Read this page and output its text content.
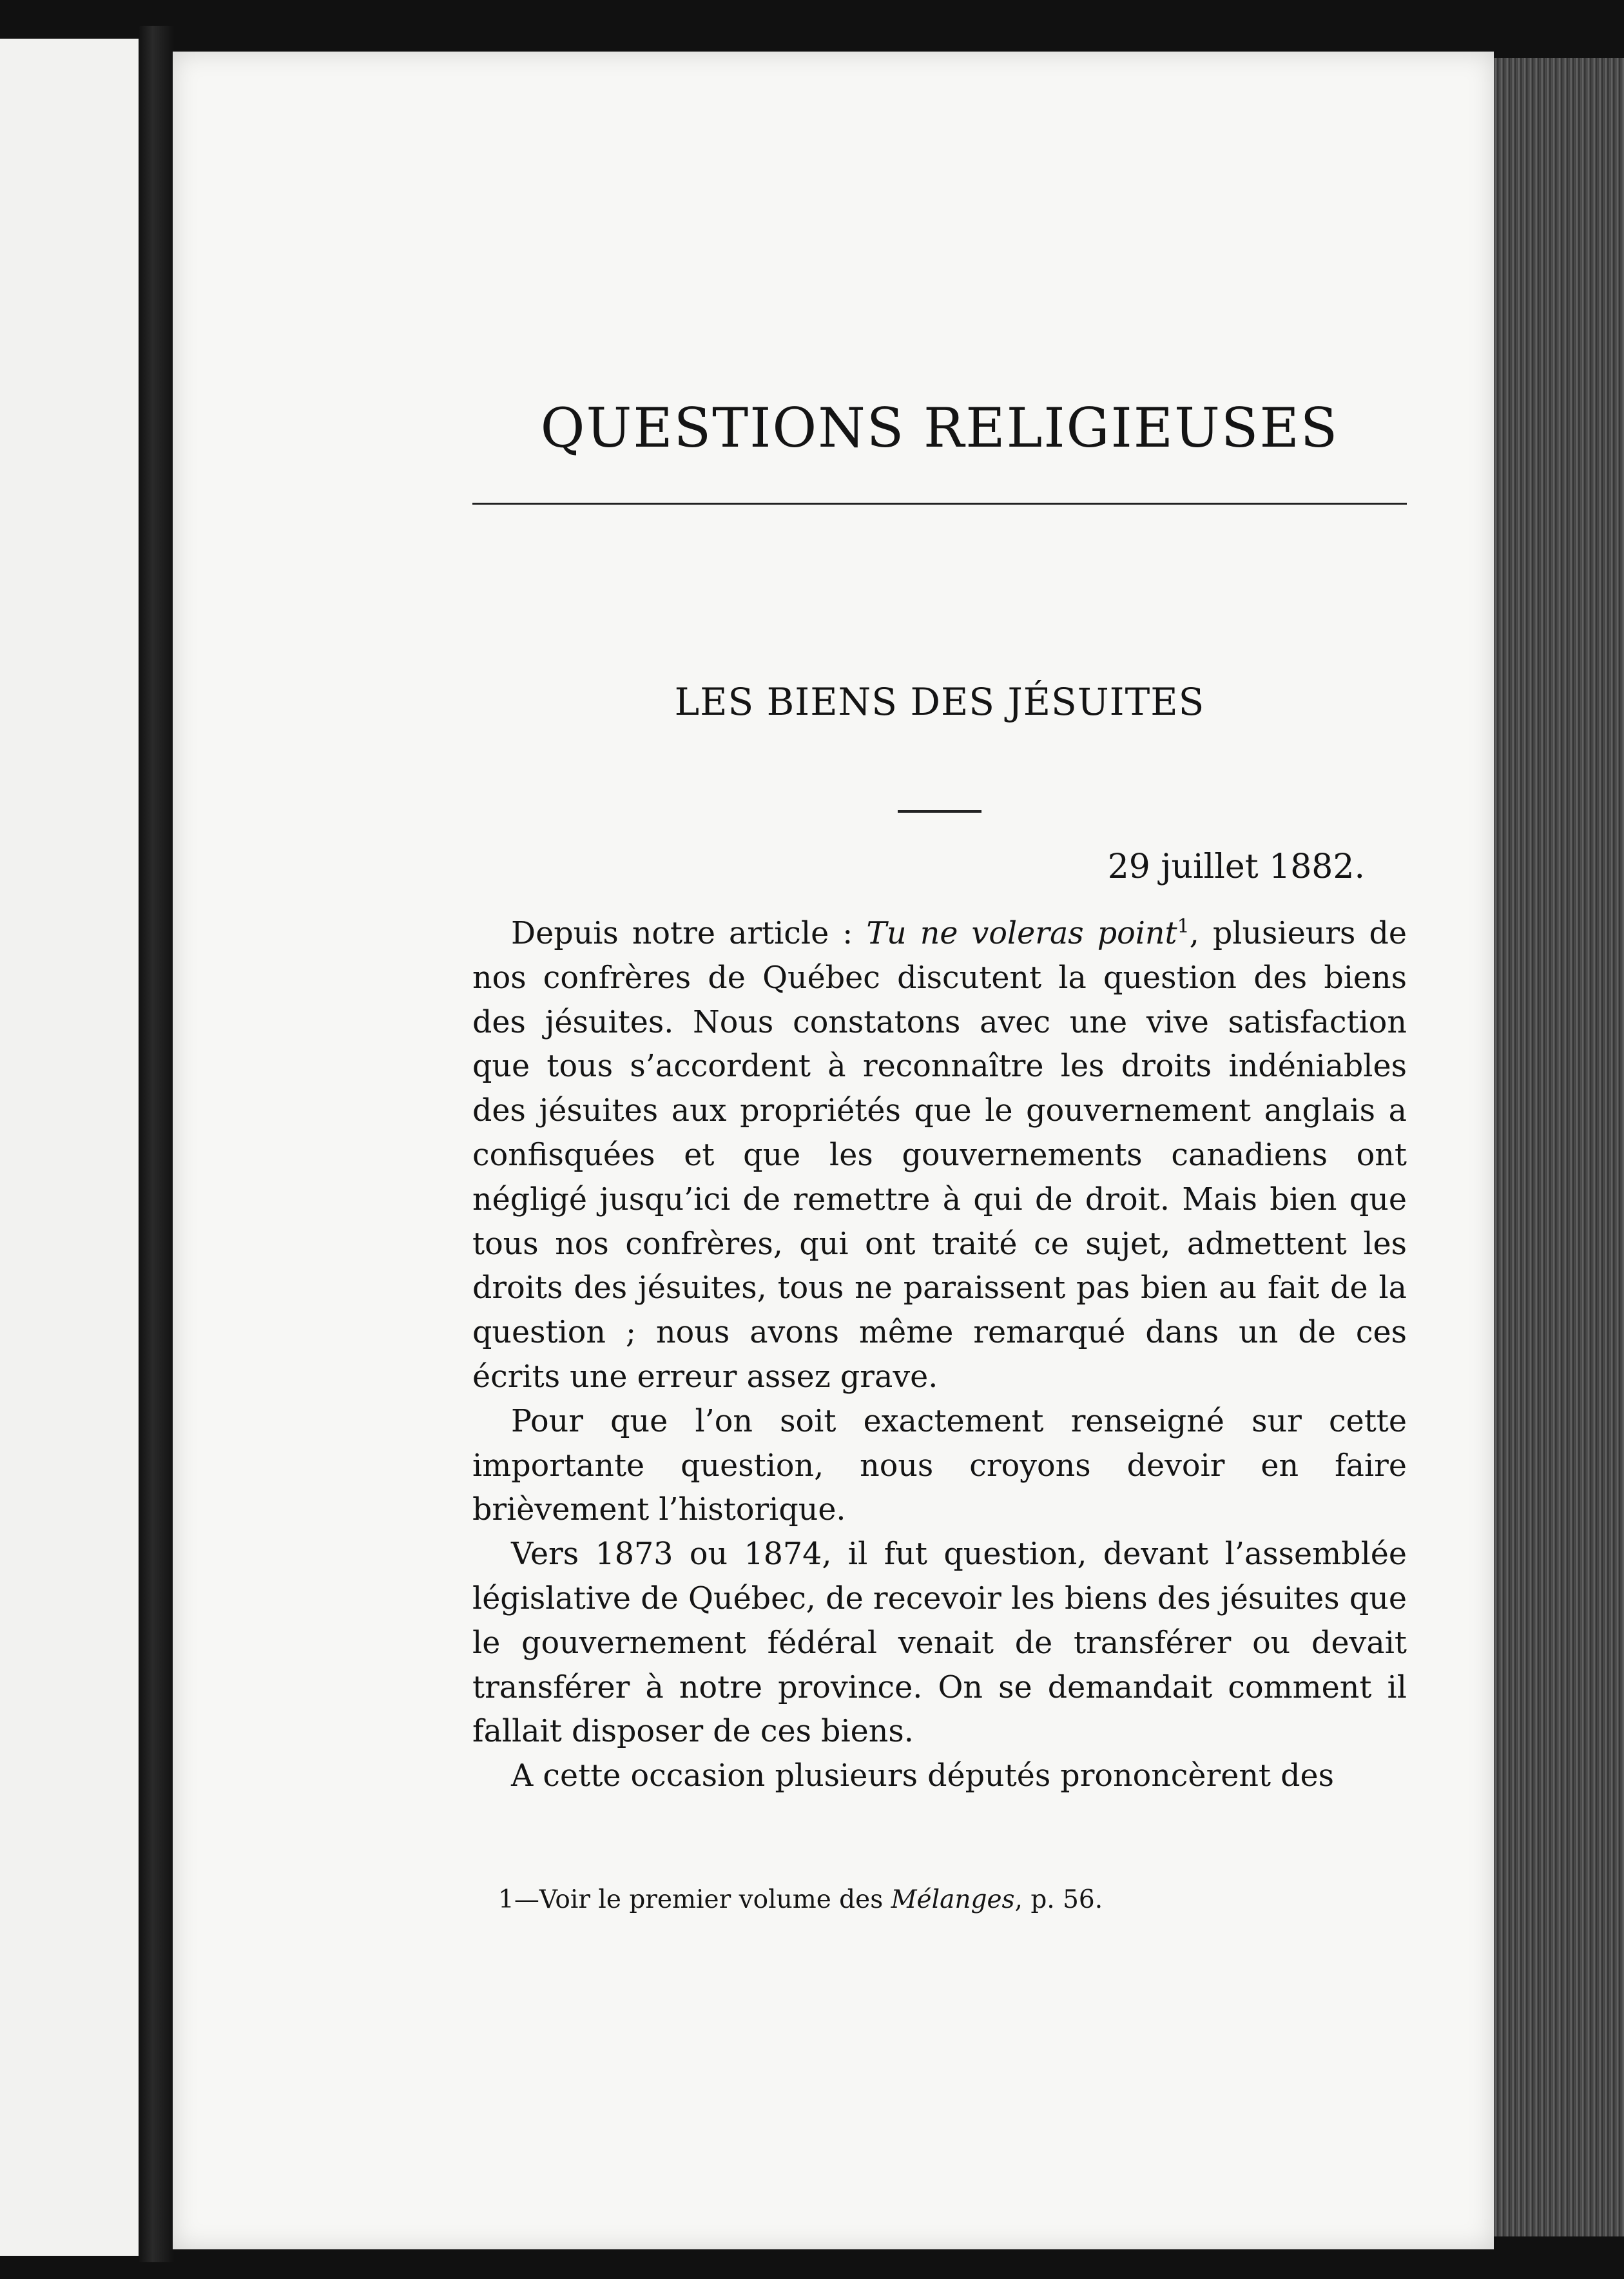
QUESTIONS RELIGIEUSES
LES BIENS DES JÉSUITES
29 juillet 1882.

Depuis notre article : Tu ne voleras point$^1$, plusieurs de nos confrères de Québec discutent la question des biens des jésuites. Nous constatons avec une vive satisfaction que tous s’accordent à reconnaître les droits indéniables des jésuites aux propriétés que le gouvernement anglais a confisquées et que les gouvernements canadiens ont négligé jusqu’ici de remettre à qui de droit. Mais bien que tous nos confrères, qui ont traité ce sujet, admettent les droits des jésuites, tous ne paraissent pas bien au fait de la question ; nous avons même remarqué dans un de ces écrits une erreur assez grave.

Pour que l’on soit exactement renseigné sur cette importante question, nous croyons devoir en faire brièvement l’historique.

Vers 1873 ou 1874, il fut question, devant l’assemblée législative de Québec, de recevoir les biens des jésuites que le gouvernement fédéral venait de transférer ou devait transférer à notre province. On se demandait comment il fallait disposer de ces biens.

A cette occasion plusieurs députés prononcèrent des

1—Voir le premier volume des Mélanges, p. 56.
